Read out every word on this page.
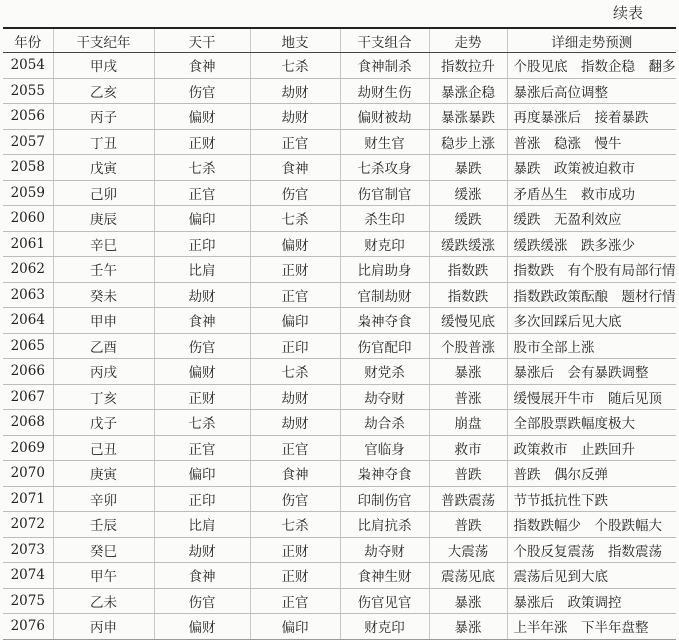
续表
年份	干支纪年	天干	地支	干支组合	走势	详细走势预测
2054	甲戌	食神	七杀	食神制杀	指数拉升	个股见底　指数企稳　翻多
2055	乙亥	伤官	劫财	劫财生伤	暴涨企稳	暴涨后高位调整
2056	丙子	偏财	劫财	偏财被劫	暴涨暴跌	再度暴涨后　接着暴跌
2057	丁丑	正财	正官	财生官	稳步上涨	普涨　稳涨　慢牛
2058	戊寅	七杀	食神	七杀攻身	暴跌	暴跌　政策被迫救市
2059	己卯	正官	伤官	伤官制官	缓涨	矛盾丛生　救市成功
2060	庚辰	偏印	七杀	杀生印	缓跌	缓跌　无盈利效应
2061	辛巳	正印	偏财	财克印	缓跌缓涨	缓跌缓涨　跌多涨少
2062	壬午	比肩	正财	比肩助身	指数跌	指数跌　有个股有局部行情
2063	癸未	劫财	正官	官制劫财	指数跌	指数跌政策酝酿　题材行情
2064	甲申	食神	偏印	枭神夺食	缓慢见底	多次回踩后见大底
2065	乙酉	伤官	正印	伤官配印	个股普涨	股市全部上涨
2066	丙戌	偏财	七杀	财党杀	暴涨	暴涨后　会有暴跌调整
2067	丁亥	正财	劫财	劫夺财	普涨	缓慢展开牛市　随后见顶
2068	戊子	七杀	劫财	劫合杀	崩盘	全部股票跌幅度极大
2069	己丑	正官	正官	官临身	救市	政策救市　止跌回升
2070	庚寅	偏印	食神	枭神夺食	普跌	普跌　偶尔反弹
2071	辛卯	正印	伤官	印制伤官	普跌震荡	节节抵抗性下跌
2072	壬辰	比肩	七杀	比肩抗杀	普跌	指数跌幅少　个股跌幅大
2073	癸巳	劫财	正财	劫夺财	大震荡	个股反复震荡　指数震荡
2074	甲午	食神	正财	食神生财	震荡见底	震荡后见到大底
2075	乙未	伤官	正官	伤官见官	暴涨	暴涨后　政策调控
2076	丙申	偏财	偏印	财克印	暴涨	上半年涨　下半年盘整
